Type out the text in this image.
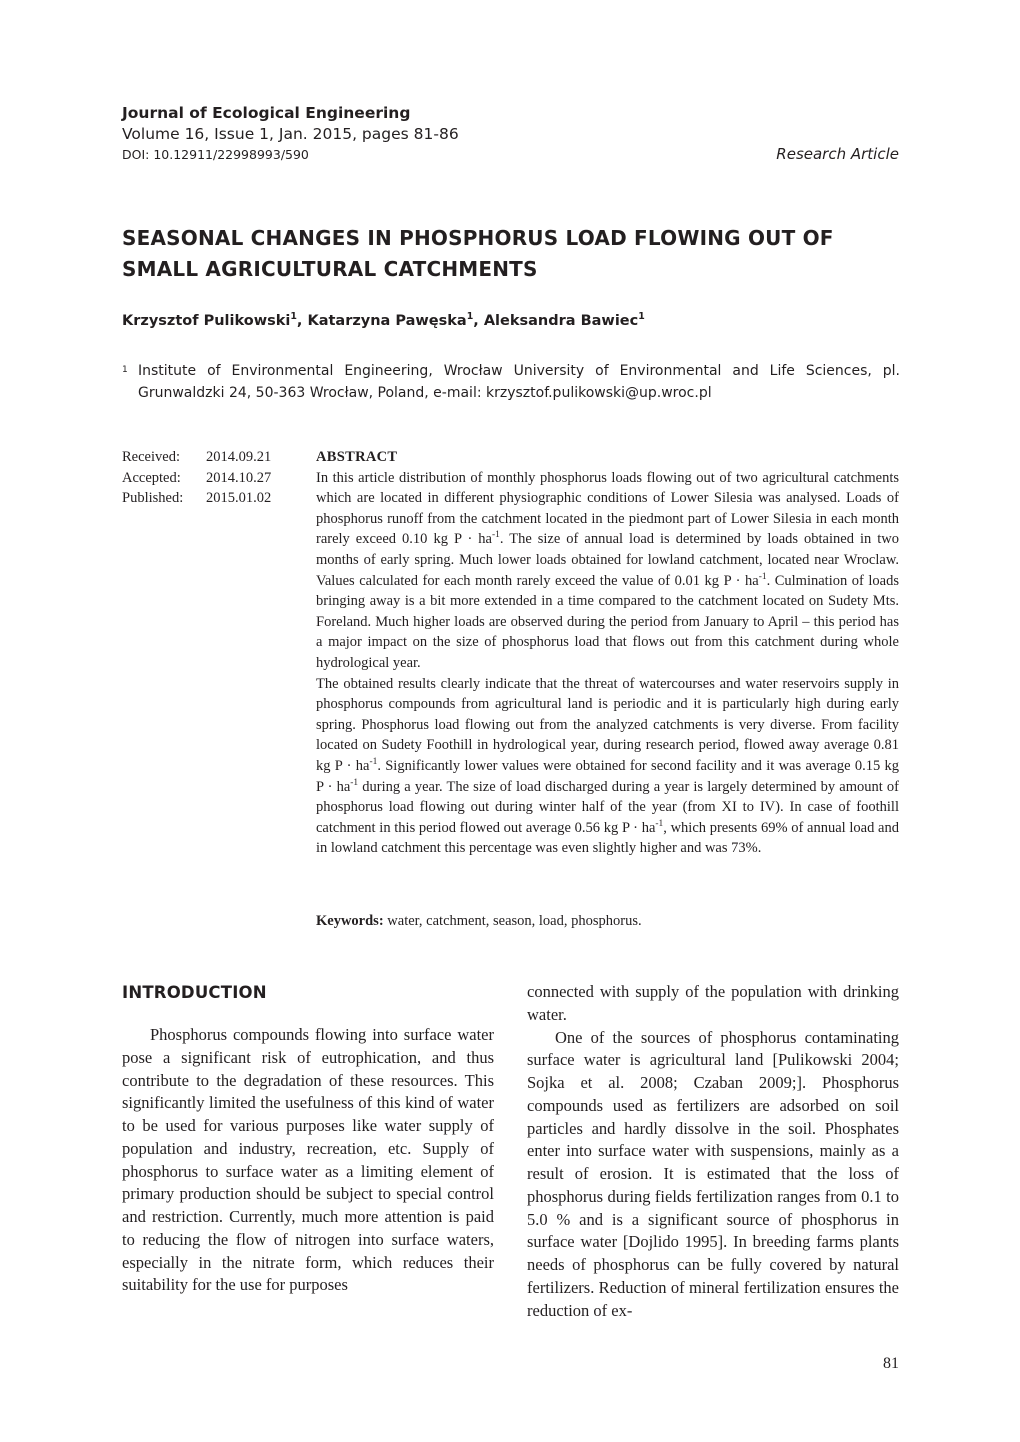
Journal of Ecological Engineering
Volume 16, Issue 1, Jan. 2015, pages 81-86
DOI: 10.12911/22998993/590	Research Article
SEASONAL CHANGES IN PHOSPHORUS LOAD FLOWING OUT OF SMALL AGRICULTURAL CATCHMENTS
Krzysztof Pulikowski$^1$, Katarzyna Pawęska$^1$, Aleksandra Bawiec$^1$
1 Institute of Environmental Engineering, Wrocław University of Environmental and Life Sciences, pl. Grunwaldzki 24, 50-363 Wrocław, Poland, e-mail: krzysztof.pulikowski@up.wroc.pl
Received:	2014.09.21
Accepted:	2014.10.27
Published:	2015.01.02
ABSTRACT

In this article distribution of monthly phosphorus loads flowing out of two agricultural catchments which are located in different physiographic conditions of Lower Silesia was analysed. Loads of phosphorus runoff from the catchment located in the piedmont part of Lower Silesia in each month rarely exceed 0.10 kg $P \cdot ha^{-1}$. The size of annual load is determined by loads obtained in two months of early spring. Much lower loads obtained for lowland catchment, located near Wroclaw. Values calculated for each month rarely exceed the value of 0.01 kg $P \cdot ha^{-1}$. Culmination of loads bringing away is a bit more extended in a time compared to the catchment located on Sudety Mts. Foreland. Much higher loads are observed during the period from January to April – this period has a major impact on the size of phosphorus load that flows out from this catchment during whole hydrological year.

The obtained results clearly indicate that the threat of watercourses and water reservoirs supply in phosphorus compounds from agricultural land is periodic and it is particularly high during early spring. Phosphorus load flowing out from the analyzed catchments is very diverse. From facility located on Sudety Foothill in hydrological year, during research period, flowed away average 0.81 kg $P \cdot ha^{-1}$. Significantly lower values were obtained for second facility and it was average 0.15 kg $P \cdot ha^{-1}$ during a year. The size of load discharged during a year is largely determined by amount of phosphorus load flowing out during winter half of the year (from XI to IV). In case of foothill catchment in this period flowed out average 0.56 kg $P \cdot ha^{-1}$, which presents 69% of annual load and in lowland catchment this percentage was even slightly higher and was 73%.

Keywords: water, catchment, season, load, phosphorus.
INTRODUCTION

Phosphorus compounds flowing into surface water pose a significant risk of eutrophication, and thus contribute to the degradation of these resources. This significantly limited the usefulness of this kind of water to be used for various purposes like water supply of population and industry, recreation, etc. Supply of phosphorus to surface water as a limiting element of primary production should be subject to special control and restriction. Currently, much more attention is paid to reducing the flow of nitrogen into surface waters, especially in the nitrate form, which reduces their suitability for the use for purposes

connected with supply of the population with drinking water.

One of the sources of phosphorus contaminating surface water is agricultural land [Pulikowski 2004; Sojka et al. 2008; Czaban 2009;]. Phosphorus compounds used as fertilizers are adsorbed on soil particles and hardly dissolve in the soil. Phosphates enter into surface water with suspensions, mainly as a result of erosion. It is estimated that the loss of phosphorus during fields fertilization ranges from 0.1 to 5.0 % and is a significant source of phosphorus in surface water [Dojlido 1995]. In breeding farms plants needs of phosphorus can be fully covered by natural fertilizers. Reduction of mineral fertilization ensures the reduction of ex-

81
